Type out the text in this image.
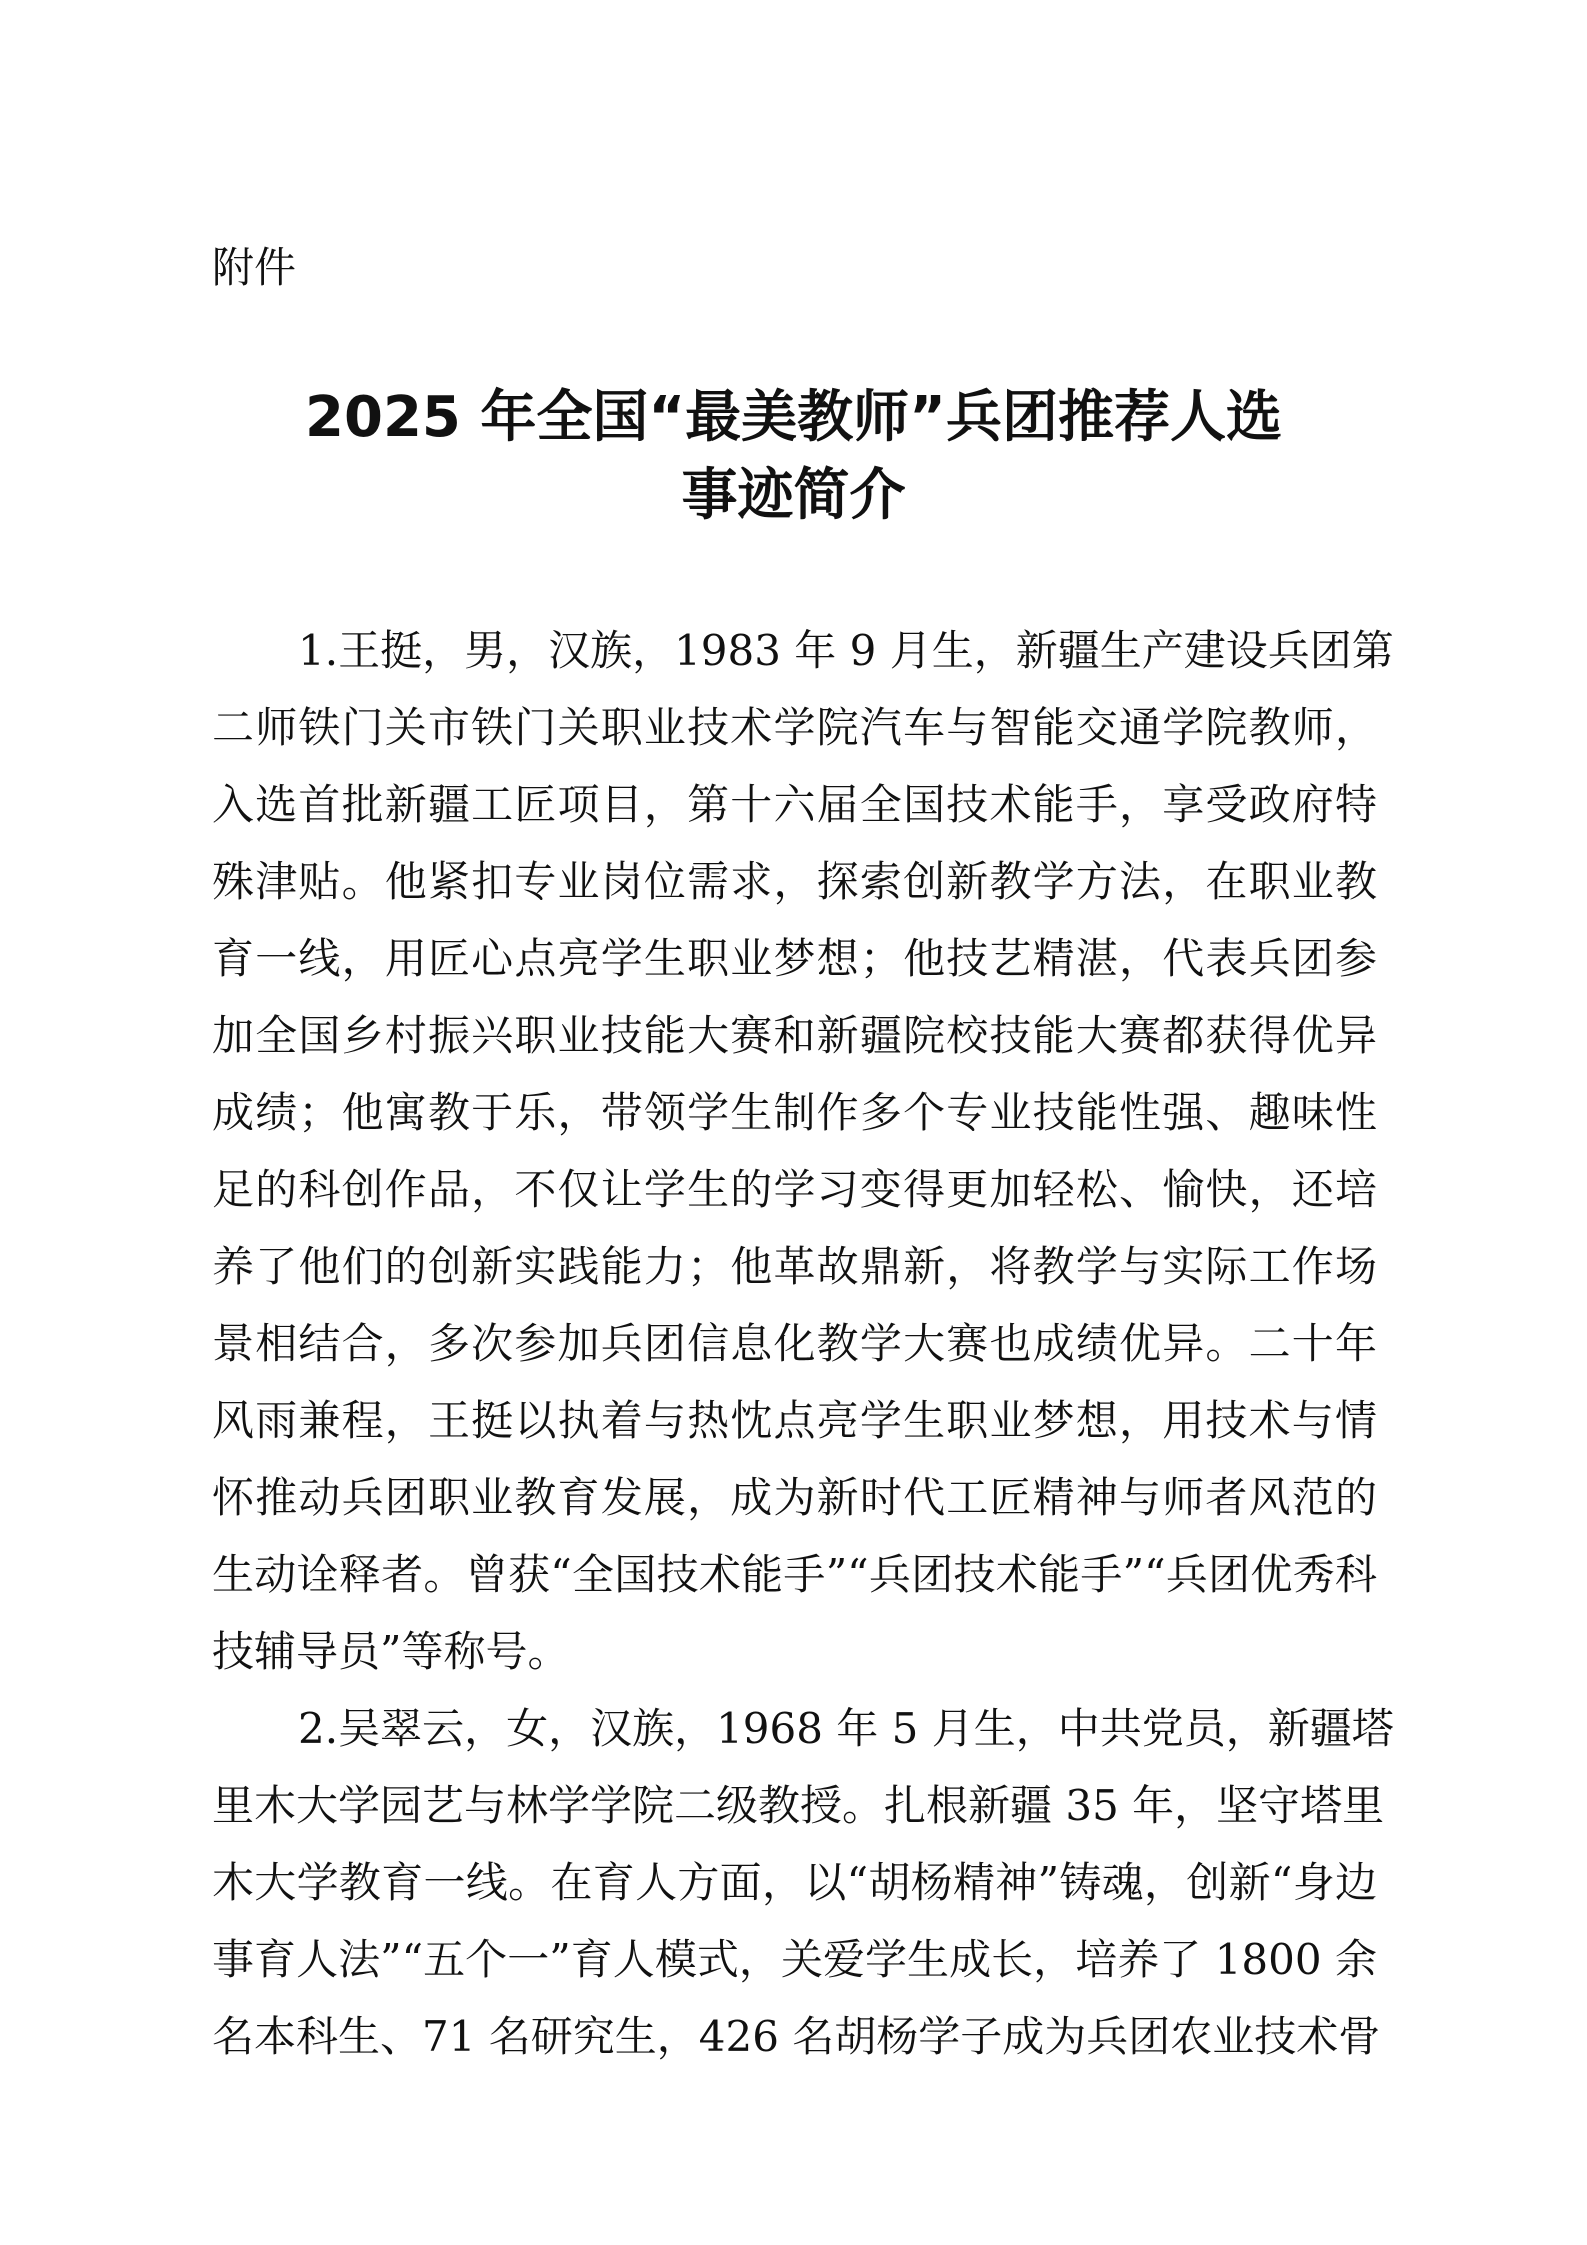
附件

2025 年全国“最美教师”兵团推荐人选
事迹简介
1.王挺，男，汉族，1983 年 9 月生，新疆生产建设兵团第
二师铁门关市铁门关职业技术学院汽车与智能交通学院教师，
入选首批新疆工匠项目，第十六届全国技术能手，享受政府特
殊津贴。他紧扣专业岗位需求，探索创新教学方法，在职业教
育一线，用匠心点亮学生职业梦想；他技艺精湛，代表兵团参
加全国乡村振兴职业技能大赛和新疆院校技能大赛都获得优异
成绩；他寓教于乐，带领学生制作多个专业技能性强、趣味性
足的科创作品，不仅让学生的学习变得更加轻松、愉快，还培
养了他们的创新实践能力；他革故鼎新，将教学与实际工作场
景相结合，多次参加兵团信息化教学大赛也成绩优异。二十年
风雨兼程，王挺以执着与热忱点亮学生职业梦想，用技术与情
怀推动兵团职业教育发展，成为新时代工匠精神与师者风范的
生动诠释者。曾获“全国技术能手”“兵团技术能手”“兵团优秀科
技辅导员”等称号。
2.吴翠云，女，汉族，1968 年 5 月生，中共党员，新疆塔
里木大学园艺与林学学院二级教授。扎根新疆 35 年，坚守塔里
木大学教育一线。在育人方面，以“胡杨精神”铸魂，创新“身边
事育人法”“五个一”育人模式，关爱学生成长，培养了 1800 余
名本科生、71 名研究生，426 名胡杨学子成为兵团农业技术骨
